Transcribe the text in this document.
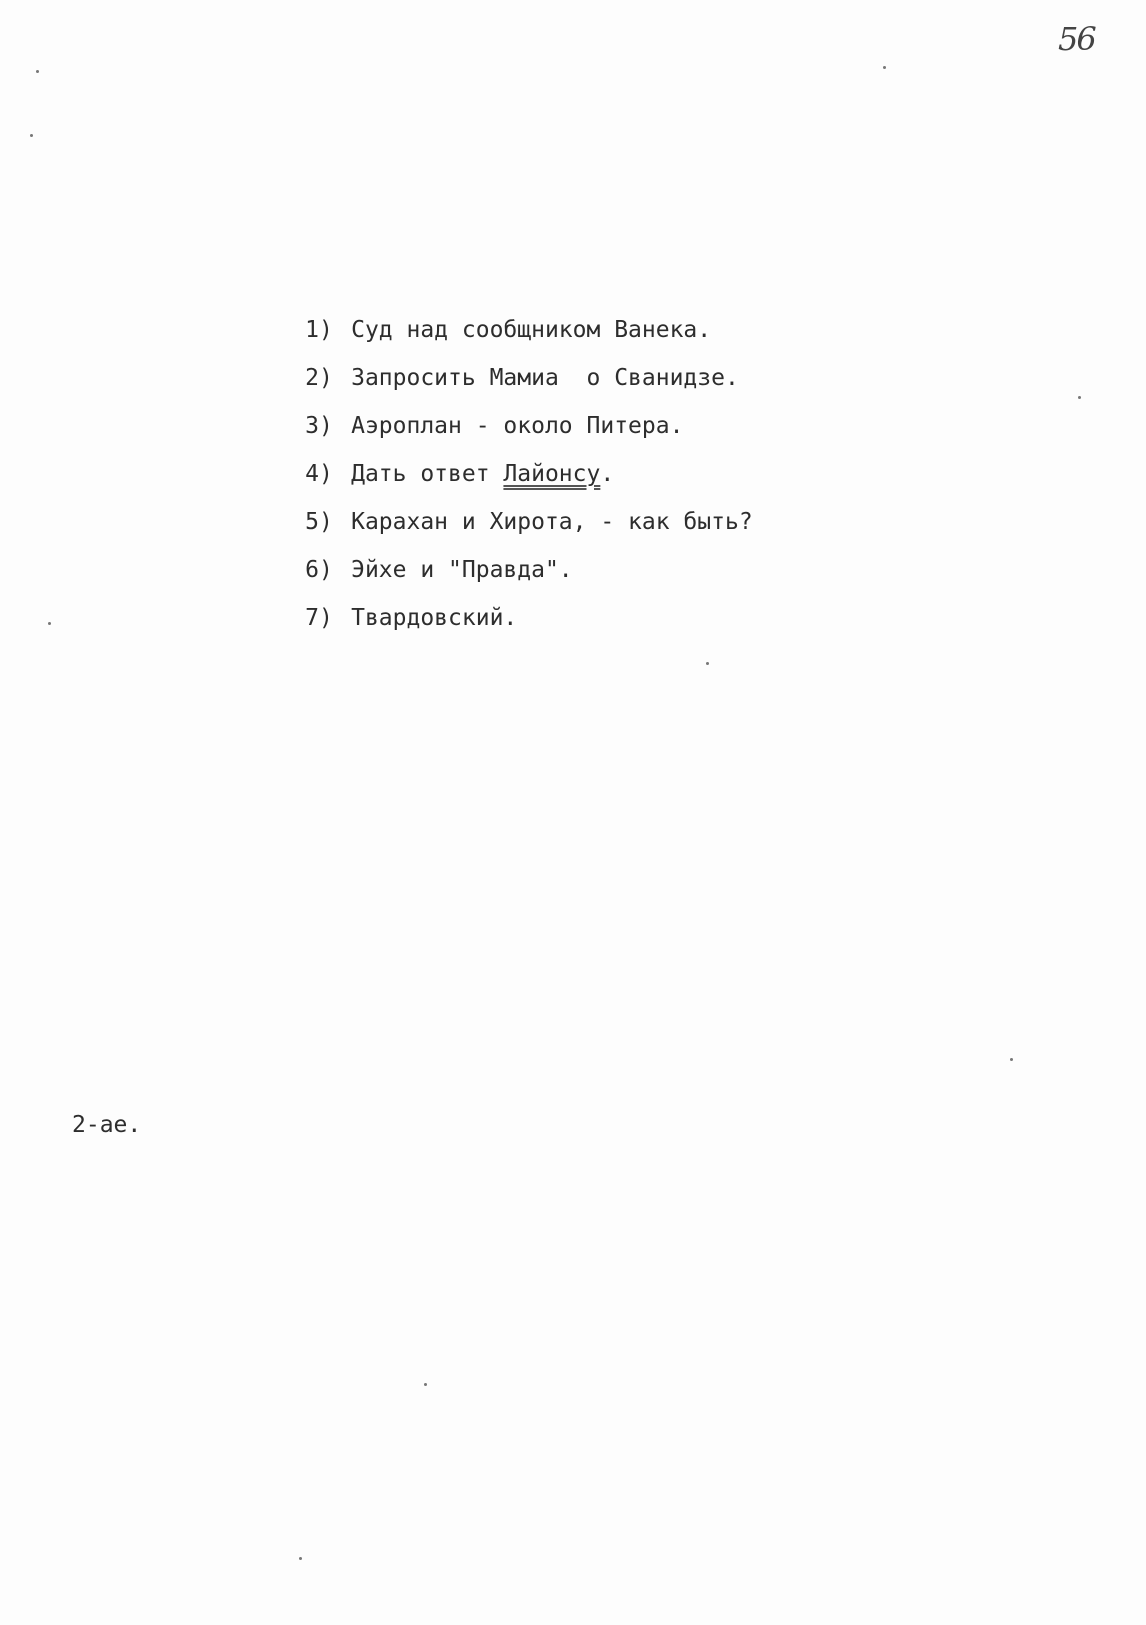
56

1) Суд над сообщником Ванека.

2) Запросить Мамиа  о Сванидзе.

3) Аэроплан - около Питера.

4) Дать ответ Лайонсу.

5) Карахан и Хирота, - как быть?

6) Эйхе и "Правда".

7) Твардовский.

2-ае.
